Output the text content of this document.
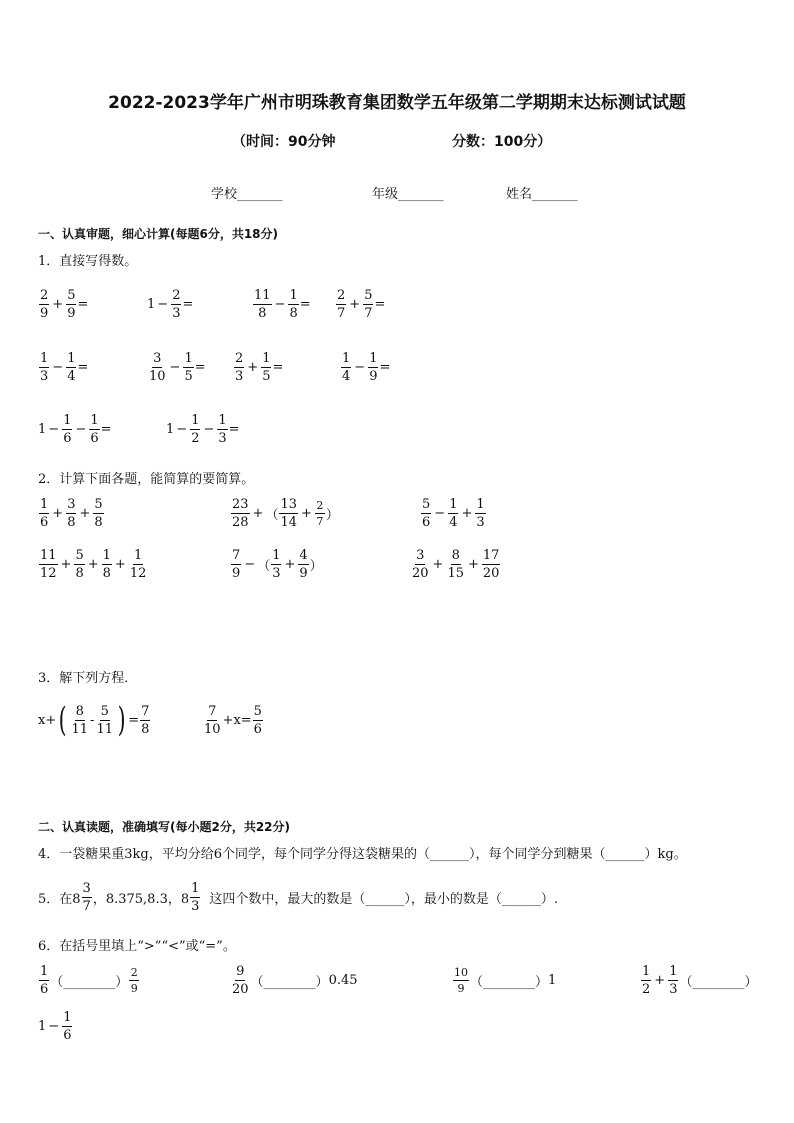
2022-2023学年广州市明珠教育集团数学五年级第二学期期末达标测试试题
（时间：90分钟	分数：100分）
学校_______	年级_______	姓名_______
一、认真审题，细心计算(每题6分，共18分)
1．直接写得数。
$\frac{2}{9} + \frac{5}{9}$ =	$1 - \frac{2}{3}$ =	$\frac{11}{8} - \frac{1}{8} = \frac{2}{7} + \frac{5}{7}$ =
$\frac{1}{3} - \frac{1}{4}$ =	$\frac{3}{10} - \frac{1}{5} = \frac{2}{3} + \frac{1}{5}$ =	$\frac{1}{4} - \frac{1}{9}$ =
$1 - \frac{1}{6} - \frac{1}{6}$ =	$1 - \frac{1}{2} - \frac{1}{3}$ =
2．计算下面各题，能简算的要简算。
$\frac{1}{6} + \frac{3}{8} + \frac{5}{8}$	$\frac{23}{28}$ + （ $\frac{13}{14} + \frac{2}{7}$ ）	$\frac{5}{6} - \frac{1}{4} + \frac{1}{3}$
$\frac{11}{12} + \frac{5}{8} + \frac{1}{8} + \frac{1}{12}$	$\frac{7}{9}$ − （ $\frac{1}{3} + \frac{4}{9}$ ）	$\frac{3}{20} + \frac{8}{15} + \frac{17}{20}$
3．解下列方程．
x+ ( $\frac{8}{11} - \frac{5}{11}$ ) = $\frac{7}{8}$	$\frac{7}{10} +x= \frac{5}{6}$
二、认真读题，准确填写(每小题2分，共22分)
4．一袋糖果重3kg，平均分给6个同学，每个同学分得这袋糖果的（______），每个同学分到糖果（______）kg。
5．在$8 \frac{3}{7}$ ，8.375,8.3，$8 \frac{1}{3}$ 这四个数中，最大的数是（______），最小的数是（______）.
6．在括号里填上“>”“<”或“=”。
$\frac{1}{6}$ （________） $\frac{2}{9}$	$\frac{9}{20}$ （________） 0.45	$\frac{10}{9}$ （________） 1	$\frac{1}{2} + \frac{1}{3}$ （________）
$1 - \frac{1}{6}$
